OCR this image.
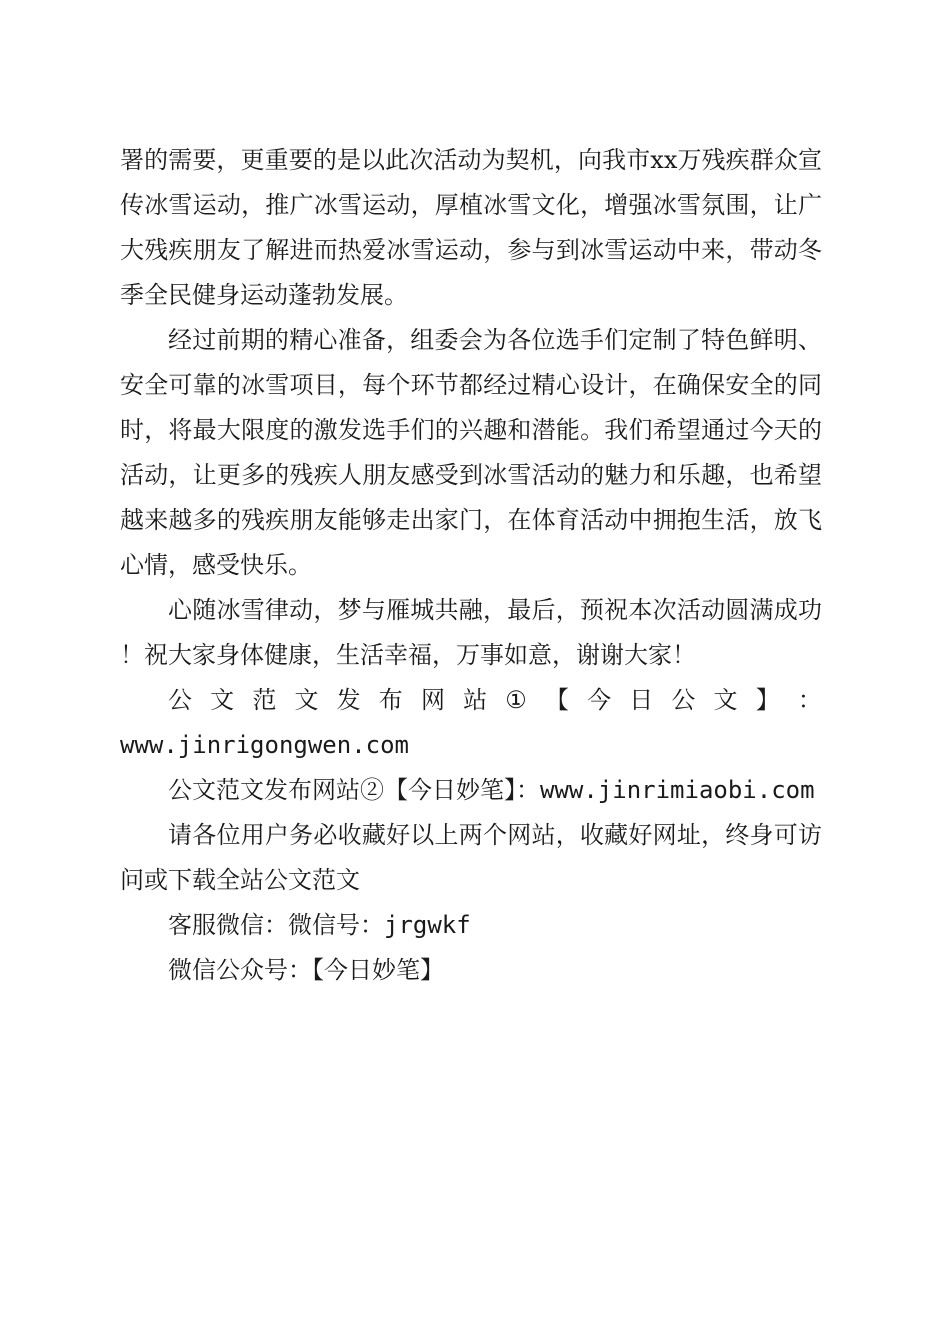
署的需要，更重要的是以此次活动为契机，向我市xx万残疾群众宣传冰雪运动，推广冰雪运动，厚植冰雪文化，增强冰雪氛围，让广大残疾朋友了解进而热爱冰雪运动，参与到冰雪运动中来，带动冬季全民健身运动蓬勃发展。

经过前期的精心准备，组委会为各位选手们定制了特色鲜明、安全可靠的冰雪项目，每个环节都经过精心设计，在确保安全的同时，将最大限度的激发选手们的兴趣和潜能。我们希望通过今天的活动，让更多的残疾人朋友感受到冰雪活动的魅力和乐趣，也希望越来越多的残疾朋友能够走出家门，在体育活动中拥抱生活，放飞心情，感受快乐。

心随冰雪律动，梦与雁城共融，最后，预祝本次活动圆满成功！祝大家身体健康，生活幸福，万事如意，谢谢大家！

公 文 范 文 发 布 网 站 ① 【 今 日 公 文 】 ：
www.jinrigongwen.com
公文范文发布网站②【今日妙笔】：www.jinrimiaobi.com

请各位用户务必收藏好以上两个网站，收藏好网址，终身可访问或下载全站公文范文

客服微信：微信号：jrgwkf
微信公众号：【今日妙笔】
